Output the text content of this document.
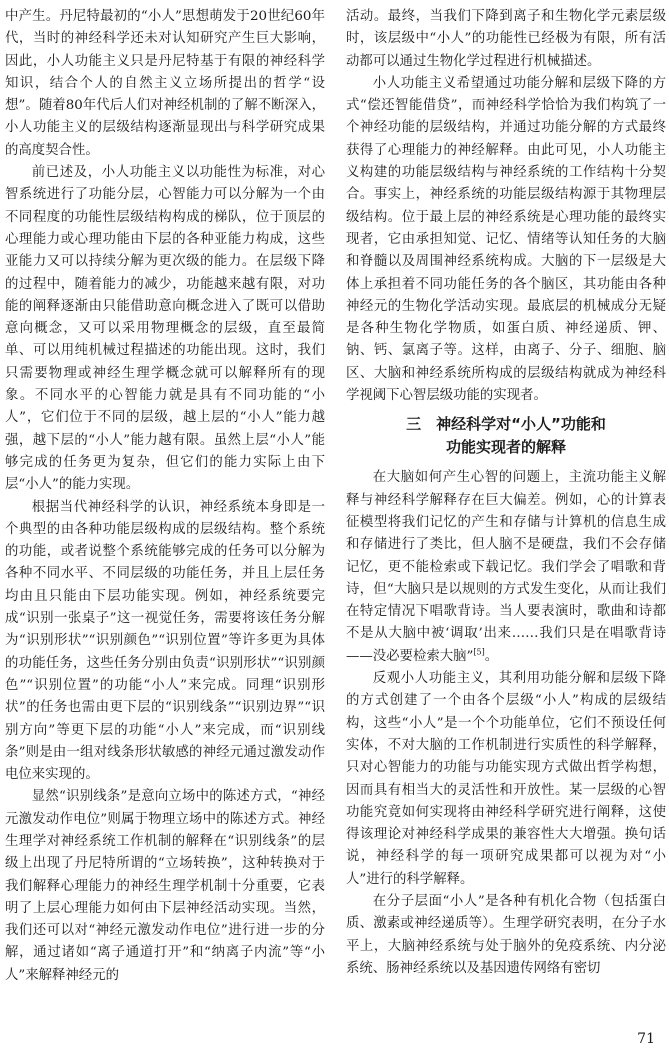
中产生。丹尼特最初的“小人”思想萌发于20世纪60年代，当时的神经科学还未对认知研究产生巨大影响，因此，小人功能主义只是丹尼特基于有限的神经科学知识，结合个人的自然主义立场所提出的哲学“设想”。随着80年代后人们对神经机制的了解不断深入，小人功能主义的层级结构逐渐显现出与科学研究成果的高度契合性。

前已述及，小人功能主义以功能性为标准，对心智系统进行了功能分层，心智能力可以分解为一个由不同程度的功能性层级结构构成的梯队，位于顶层的心理能力或心理功能由下层的各种亚能力构成，这些亚能力又可以持续分解为更次级的能力。在层级下降的过程中，随着能力的减少，功能越来越有限，对功能的阐释逐渐由只能借助意向概念进入了既可以借助意向概念，又可以采用物理概念的层级，直至最简单、可以用纯机械过程描述的功能出现。这时，我们只需要物理或神经生理学概念就可以解释所有的现象。不同水平的心智能力就是具有不同功能的“小人”，它们位于不同的层级，越上层的“小人”能力越强，越下层的“小人”能力越有限。虽然上层“小人”能够完成的任务更为复杂，但它们的能力实际上由下层“小人”的能力实现。

根据当代神经科学的认识，神经系统本身即是一个典型的由各种功能层级构成的层级结构。整个系统的功能，或者说整个系统能够完成的任务可以分解为各种不同水平、不同层级的功能任务，并且上层任务均由且只能由下层功能实现。例如，神经系统要完成“识别一张桌子”这一视觉任务，需要将该任务分解为“识别形状”“识别颜色”“识别位置”等许多更为具体的功能任务，这些任务分别由负责“识别形状”“识别颜色”“识别位置”的功能“小人”来完成。同理“识别形状”的任务也需由更下层的“识别线条”“识别边界”“识别方向”等更下层的功能“小人”来完成，而“识别线条”则是由一组对线条形状敏感的神经元通过激发动作电位来实现的。

显然“识别线条”是意向立场中的陈述方式，“神经元激发动作电位”则属于物理立场中的陈述方式。神经生理学对神经系统工作机制的解释在“识别线条”的层级上出现了丹尼特所谓的“立场转换”，这种转换对于我们解释心理能力的神经生理学机制十分重要，它表明了上层心理能力如何由下层神经活动实现。当然，我们还可以对“神经元激发动作电位”进行进一步的分解，通过诸如“离子通道打开”和“纳离子内流”等“小人”来解释神经元的

活动。最终，当我们下降到离子和生物化学元素层级时，该层级中“小人”的功能性已经极为有限，所有活动都可以通过生物化学过程进行机械描述。

小人功能主义希望通过功能分解和层级下降的方式“偿还智能借贷”，而神经科学恰恰为我们构筑了一个神经功能的层级结构，并通过功能分解的方式最终获得了心理能力的神经解释。由此可见，小人功能主义构建的功能层级结构与神经系统的工作结构十分契合。事实上，神经系统的功能层级结构源于其物理层级结构。位于最上层的神经系统是心理功能的最终实现者，它由承担知觉、记忆、情绪等认知任务的大脑和脊髓以及周围神经系统构成。大脑的下一层级是大体上承担着不同功能任务的各个脑区，其功能由各种神经元的生物化学活动实现。最底层的机械成分无疑是各种生物化学物质，如蛋白质、神经递质、钾、钠、钙、氯离子等。这样，由离子、分子、细胞、脑区、大脑和神经系统所构成的层级结构就成为神经科学视阈下心智层级功能的实现者。

三　神经科学对“小人”功能和
功能实现者的解释

在大脑如何产生心智的问题上，主流功能主义解释与神经科学解释存在巨大偏差。例如，心的计算表征模型将我们记忆的产生和存储与计算机的信息生成和存储进行了类比，但人脑不是硬盘，我们不会存储记忆，更不能检索或下载记忆。我们学会了唱歌和背诗，但“大脑只是以规则的方式发生变化，从而让我们在特定情况下唱歌背诗。当人要表演时，歌曲和诗都不是从大脑中被‘调取’出来……我们只是在唱歌背诗——没必要检索大脑”[5]。

反观小人功能主义，其利用功能分解和层级下降的方式创建了一个由各个层级“小人”构成的层级结构，这些“小人”是一个个功能单位，它们不预设任何实体，不对大脑的工作机制进行实质性的科学解释，只对心智能力的功能与功能实现方式做出哲学构想，因而具有相当大的灵活性和开放性。某一层级的心智功能究竟如何实现将由神经科学研究进行阐释，这使得该理论对神经科学成果的兼容性大大增强。换句话说，神经科学的每一项研究成果都可以视为对“小人”进行的科学解释。

在分子层面“小人”是各种有机化合物（包括蛋白质、激素或神经递质等）。生理学研究表明，在分子水平上，大脑神经系统与处于脑外的免疫系统、内分泌系统、肠神经系统以及基因遗传网络有密切

71
